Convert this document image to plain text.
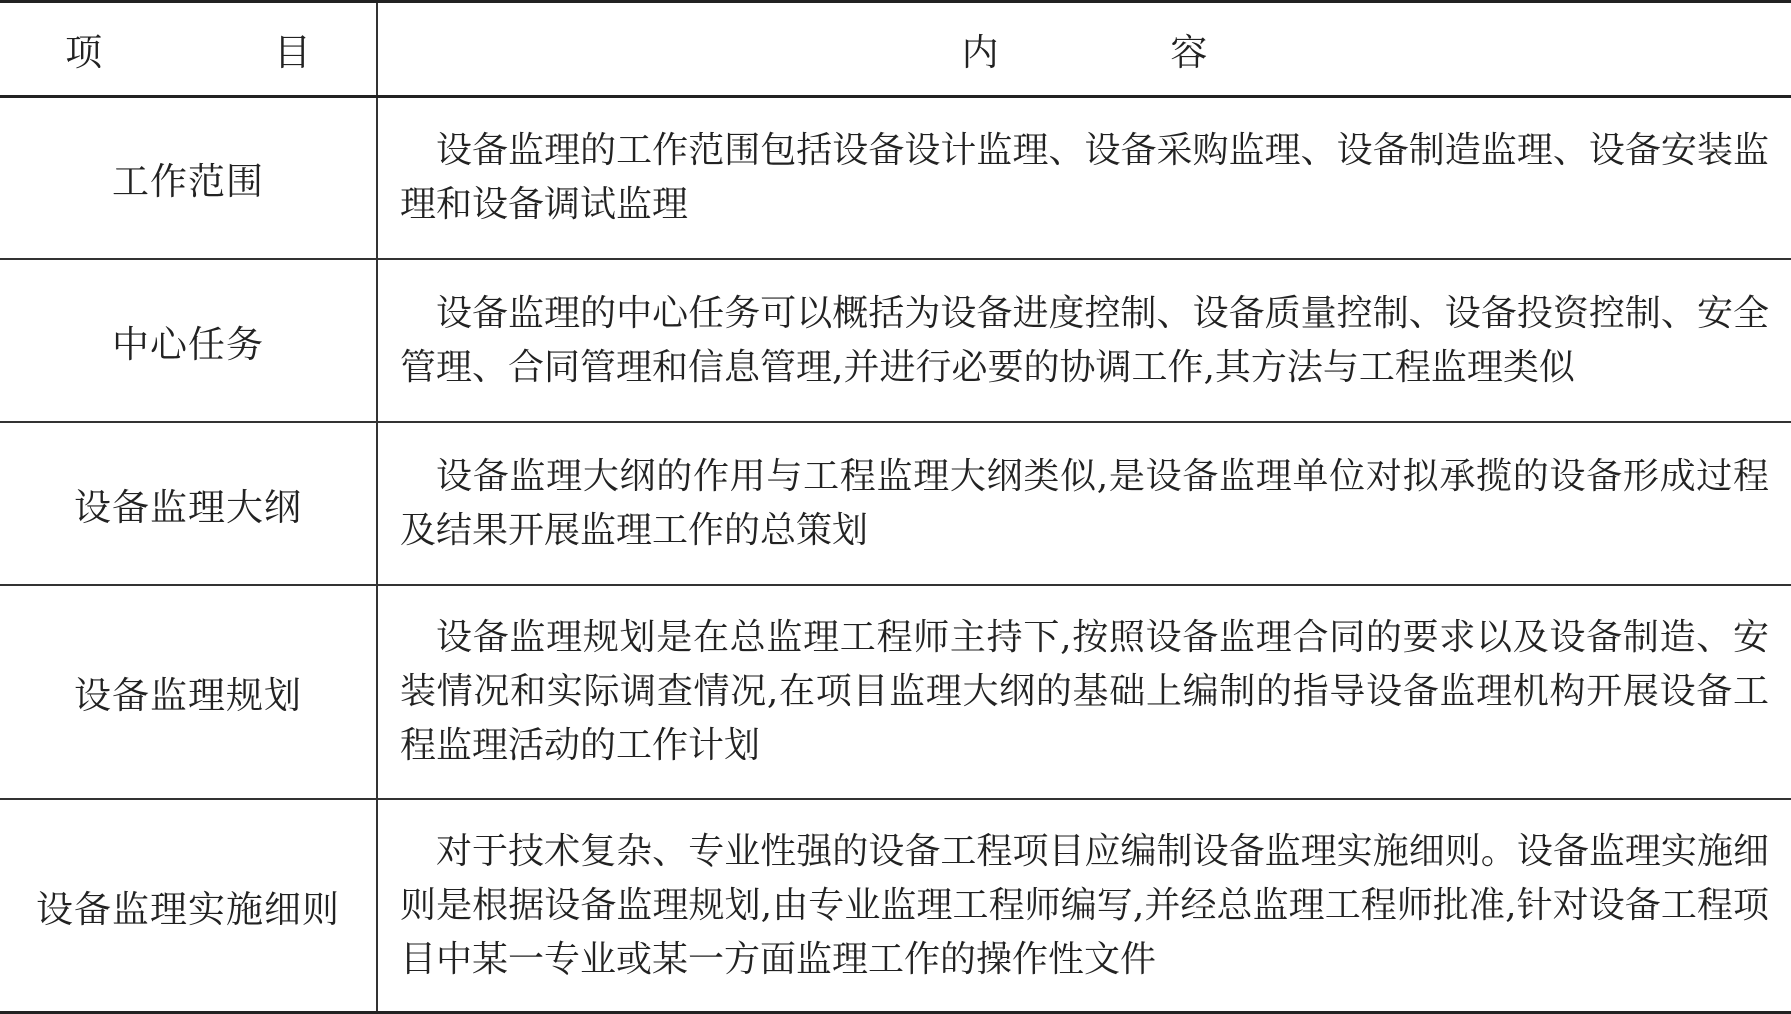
项 目	内 容
工作范围	设备监理的工作范围包括设备设计监理、设备采购监理、设备制造监理、设备安装监理和设备调试监理
中心任务	设备监理的中心任务可以概括为设备进度控制、设备质量控制、设备投资控制、安全管理、合同管理和信息管理,并进行必要的协调工作,其方法与工程监理类似
设备监理大纲	设备监理大纲的作用与工程监理大纲类似,是设备监理单位对拟承揽的设备形成过程及结果开展监理工作的总策划
设备监理规划	设备监理规划是在总监理工程师主持下,按照设备监理合同的要求以及设备制造、安装情况和实际调查情况,在项目监理大纲的基础上编制的指导设备监理机构开展设备工程监理活动的工作计划
设备监理实施细则	对于技术复杂、专业性强的设备工程项目应编制设备监理实施细则。设备监理实施细则是根据设备监理规划,由专业监理工程师编写,并经总监理工程师批准,针对设备工程项目中某一专业或某一方面监理工作的操作性文件
